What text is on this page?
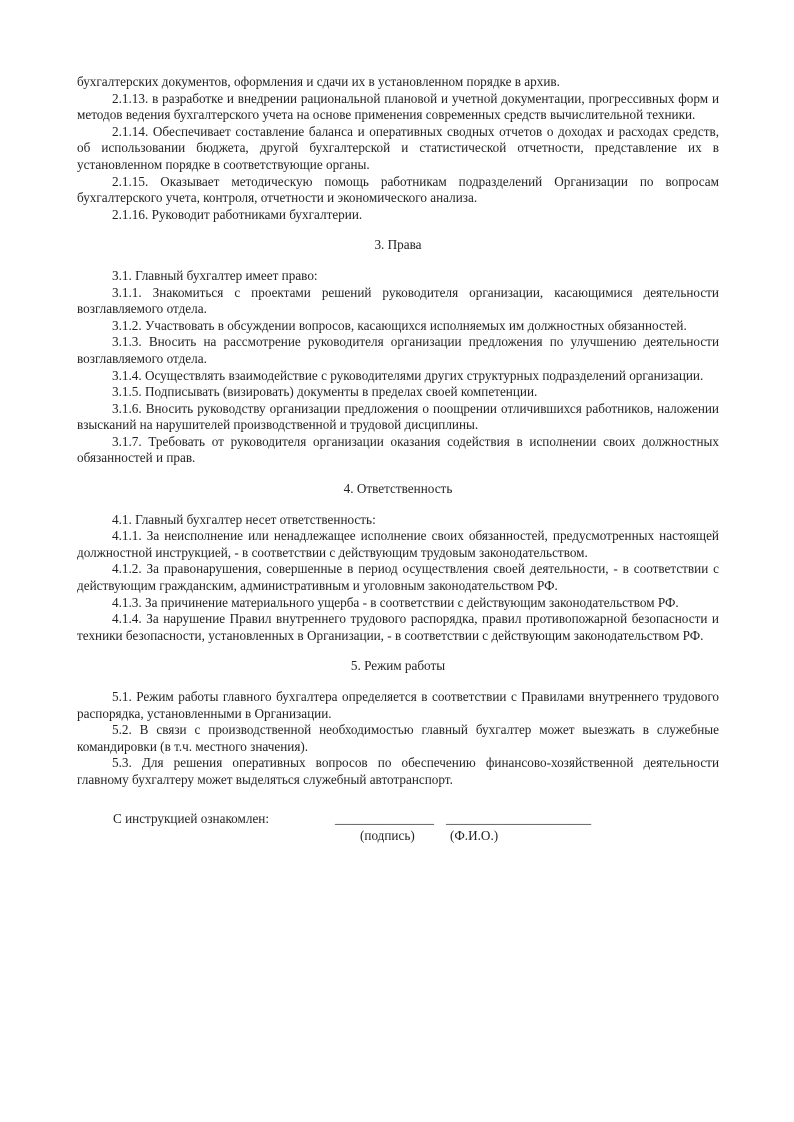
бухгалтерских документов, оформления и сдачи их в установленном порядке в архив.

2.1.13. в разработке и внедрении рациональной плановой и учетной документации, прогрессивных форм и методов ведения бухгалтерского учета на основе применения современных средств вычислительной техники.

2.1.14. Обеспечивает составление баланса и оперативных сводных отчетов о доходах и расходах средств, об использовании бюджета, другой бухгалтерской и статистической отчетности, представление их в установленном порядке в соответствующие органы.

2.1.15. Оказывает методическую помощь работникам подразделений Организации по вопросам бухгалтерского учета, контроля, отчетности и экономического анализа.

2.1.16. Руководит работниками бухгалтерии.

3. Права

3.1. Главный бухгалтер имеет право:

3.1.1. Знакомиться с проектами решений руководителя организации, касающимися деятельности возглавляемого отдела.

3.1.2. Участвовать в обсуждении вопросов, касающихся исполняемых им должностных обязанностей.

3.1.3. Вносить на рассмотрение руководителя организации предложения по улучшению деятельности возглавляемого отдела.

3.1.4. Осуществлять взаимодействие с руководителями других структурных подразделений организации.

3.1.5. Подписывать (визировать) документы в пределах своей компетенции.

3.1.6. Вносить руководству организации предложения о поощрении отличившихся работников, наложении взысканий на нарушителей производственной и трудовой дисциплины.

3.1.7. Требовать от руководителя организации оказания содействия в исполнении своих должностных обязанностей и прав.

4. Ответственность

4.1. Главный бухгалтер несет ответственность:

4.1.1. За неисполнение или ненадлежащее исполнение своих обязанностей, предусмотренных настоящей должностной инструкцией, - в соответствии с действующим трудовым законодательством.

4.1.2. За правонарушения, совершенные в период осуществления своей деятельности, - в соответствии с действующим гражданским, административным и уголовным законодательством РФ.

4.1.3. За причинение материального ущерба - в соответствии с действующим законодательством РФ.

4.1.4. За нарушение Правил внутреннего трудового распорядка, правил противопожарной безопасности и техники безопасности, установленных в Организации, - в соответствии с действующим законодательством РФ.

5. Режим работы

5.1. Режим работы главного бухгалтера определяется в соответствии с Правилами внутреннего трудового распорядка, установленными в Организации.

5.2. В связи с производственной необходимостью главный бухгалтер может выезжать в служебные командировки (в т.ч. местного значения).

5.3. Для решения оперативных вопросов по обеспечению финансово-хозяйственной деятельности главному бухгалтеру может выделяться служебный автотранспорт.

С инструкцией ознакомлен:	_______________ ______________________
(подпись)	(Ф.И.О.)
